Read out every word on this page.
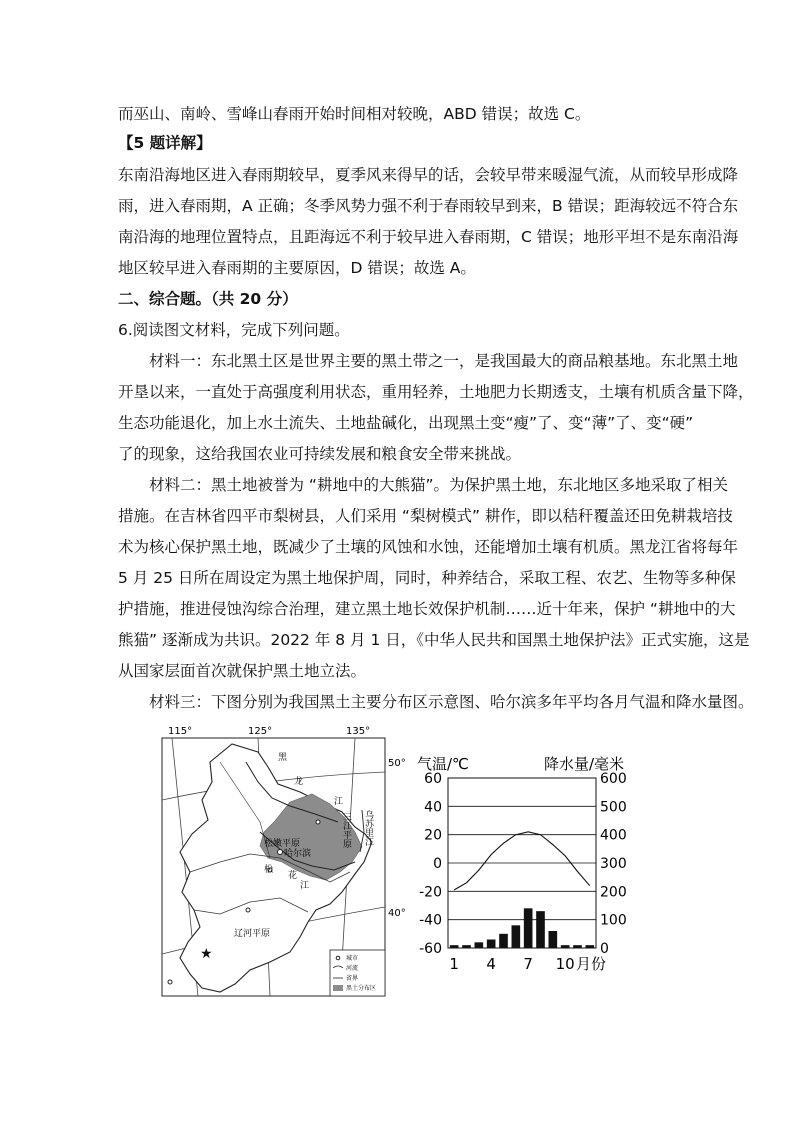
而巫山、南岭、雪峰山春雨开始时间相对较晚，ABD 错误；故选 C。
【5 题详解】
东南沿海地区进入春雨期较早，夏季风来得早的话，会较早带来暖湿气流，从而较早形成降
雨，进入春雨期，A 正确；冬季风势力强不利于春雨较早到来，B 错误；距海较远不符合东
南沿海的地理位置特点，且距海远不利于较早进入春雨期，C 错误；地形平坦不是东南沿海
地区较早进入春雨期的主要原因，D 错误；故选 A。
二、综合题。（共 20 分）
6.阅读图文材料，完成下列问题。
材料一：东北黑土区是世界主要的黑土带之一，是我国最大的商品粮基地。东北黑土地
开垦以来，一直处于高强度利用状态，重用轻养，土地肥力长期透支，土壤有机质含量下降，
生态功能退化，加上水土流失、土地盐碱化，出现黑土变“瘦”了、变“薄”了、变“硬”
了的现象，这给我国农业可持续发展和粮食安全带来挑战。
材料二：黑土地被誉为 “耕地中的大熊猫”。为保护黑土地，东北地区多地采取了相关
措施。在吉林省四平市梨树县，人们采用 “梨树模式” 耕作，即以秸秆覆盖还田免耕栽培技
术为核心保护黑土地，既减少了土壤的风蚀和水蚀，还能增加土壤有机质。黑龙江省将每年
5 月 25 日所在周设定为黑土地保护周，同时，种养结合，采取工程、农艺、生物等多种保
护措施，推进侵蚀沟综合治理，建立黑土地长效保护机制……近十年来，保护 “耕地中的大
熊猫” 逐渐成为共识。2022 年 8 月 1 日，《中华人民共和国黑土地保护法》正式实施，这是
从国家层面首次就保护黑土地立法。
材料三：下图分别为我国黑土主要分布区示意图、哈尔滨多年平均各月气温和降水量图。
★
115°	125°	135°
50°
40°
黑
龙
江
三江平原 乌苏里江
松嫩平原
哈尔滨
松
花
江
辽河平原
城市
河流
省界
黑土分布区
气温/℃	降水量/毫米
60
40
20
0
-20
-40
-60
600
500
400
300
200
100
0
1 4 7 10 月份
